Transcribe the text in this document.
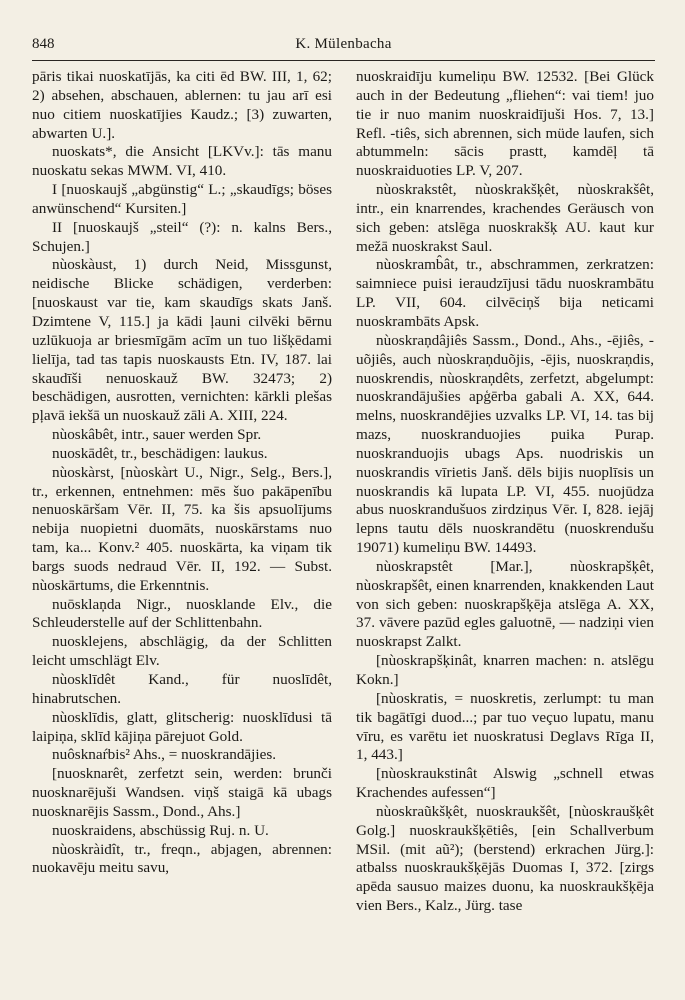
848	K. Mülenbacha

pāris tikai nuoskatījās, ka citi ēd BW. III, 1, 62; 2) absehen, abschauen, ablernen: tu jau arī esi nuo citiem nuoskatījies Kaudz.; [3) zuwarten, abwarten U.].

nuoskats*, die Ansicht [LKVv.]: tās manu nuoskatu sekas MWM. VI, 410.

I [nuoskaujš „abgünstig“ L.; „skaudīgs; böses anwünschend“ Kursiten.]

II [nuoskaujš „steil“ (?): n. kalns Bers., Schujen.]

nùoskàust, 1) durch Neid, Missgunst, neidische Blicke schädigen, verderben: [nuoskaust var tie, kam skaudīgs skats Janš. Dzimtene V, 115.] ja kādi ļauni cilvēki bērnu uzlūkuoja ar briesmīgām acīm un tuo lišķēdami lielīja, tad tas tapis nuoskausts Etn. IV, 187. lai skaudīši nenuoskauž BW. 32473; 2) beschädigen, ausrotten, vernichten: kārkli plešas pļavā iekšā un nuoskauž zāli A. XIII, 224.

nùoskâbêt, intr., sauer werden Spr.

nuoskādêt, tr., beschädigen: laukus.

nùoskàrst, [nùoskàrt U., Nigr., Selg., Bers.], tr., erkennen, entnehmen: mēs šuo pakāpenību nenuoskāršam Vēr. II, 75. ka šis apsuolījums nebija nuopietni duomāts, nuoskārstams nuo tam, ka... Konv.² 405. nuoskārta, ka viņam tik bargs suods nedraud Vēr. II, 192. — Subst. nùoskārtums, die Erkenntnis.

nuōsklaņda Nigr., nuosklande Elv., die Schleuderstelle auf der Schlittenbahn.

nuosklejens, abschlägig, da der Schlitten leicht umschlägt Elv.

nùosklīdêt Kand., für nuoslīdêt, hinabrutschen.

nùosklīdis, glatt, glitscherig: nuosklīdusi tā laipiņa, sklīd kājiņa pārejuot Gold.

nuôsknaŕbis² Ahs., = nuoskrandājies.

[nuosknarêt, zerfetzt sein, werden: brunči nuosknarējuši Wandsen. viņš staigā kā ubags nuosknarējis Sassm., Dond., Ahs.]

nuoskraidens, abschüssig Ruj. n. U.

nùoskràidît, tr., freqn., abjagen, abrennen: nuokavēju meitu savu,

nuoskraidīju kumeliņu BW. 12532. [Bei Glück auch in der Bedeutung „fliehen“: vai tiem! juo tie ir nuo manim nuoskraidījuši Hos. 7, 13.] Refl. -tiês, sich abrennen, sich müde laufen, sich abtummeln: sācis prastt, kamdēļ tā nuoskraiduoties LP. V, 207.

nùoskrakstêt, nùoskrakšķêt, nùoskrakšêt, intr., ein knarrendes, krachendes Geräusch von sich geben: atslēga nuoskrakšķ AU. kaut kur mežā nuoskrakst Saul.

nùoskramb̂ât, tr., abschrammen, zerkratzen: saimniece puisi ieraudzījusi tādu nuoskrambātu LP. VII, 604. cilvēciņš bija neticami nuoskrambāts Apsk.

nùoskraņdâjiês Sassm., Dond., Ahs., -ējiês, -uõjiês, auch nùoskraņduõjis, -ējis, nuoskraņdis, nuoskrendis, nùoskraņdêts, zerfetzt, abgelumpt: nuoskrandājušies apģērba gabali A. XX, 644. melns, nuoskrandējies uzvalks LP. VI, 14. tas bij mazs, nuoskranduojies puika Purap. nuoskranduojis ubags Aps. nuodriskis un nuoskrandis vīrietis Janš. dēls bijis nuoplīsis un nuoskrandis kā lupata LP. VI, 455. nuojūdza abus nuoskrandušuos zirdziņus Vēr. I, 828. iejāj lepns tautu dēls nuoskrandētu (nuoskrendušu 19071) kumeliņu BW. 14493.

nùoskrapstêt [Mar.], nùoskrapšķêt, nùoskrapšêt, einen knarrenden, knakkenden Laut von sich geben: nuoskrapšķēja atslēga A. XX, 37. vāvere pazūd egles galuotnē, — nadziņi vien nuoskrapst Zalkt.

[nùoskrapšķinât, knarren machen: n. atslēgu Kokn.]

[nùoskratis, = nuoskretis, zerlumpt: tu man tik bagātīgi duod...; par tuo veçuo lupatu, manu vīru, es varētu iet nuoskratusi Deglavs Rīga II, 1, 443.]

[nùoskraukstinât Alswig „schnell etwas Krachendes aufessen“]

nùoskraũkšķêt, nuoskraukšêt, [nùoskraušķêt Golg.] nuoskraukšķētiês, [ein Schallverbum MSil. (mit aũ²); (berstend) erkrachen Jürg.]: atbalss nuoskraukšķējās Duomas I, 372. [zirgs apēda sausuo maizes duonu, ka nuoskraukšķēja vien Bers., Kalz., Jürg. tase
